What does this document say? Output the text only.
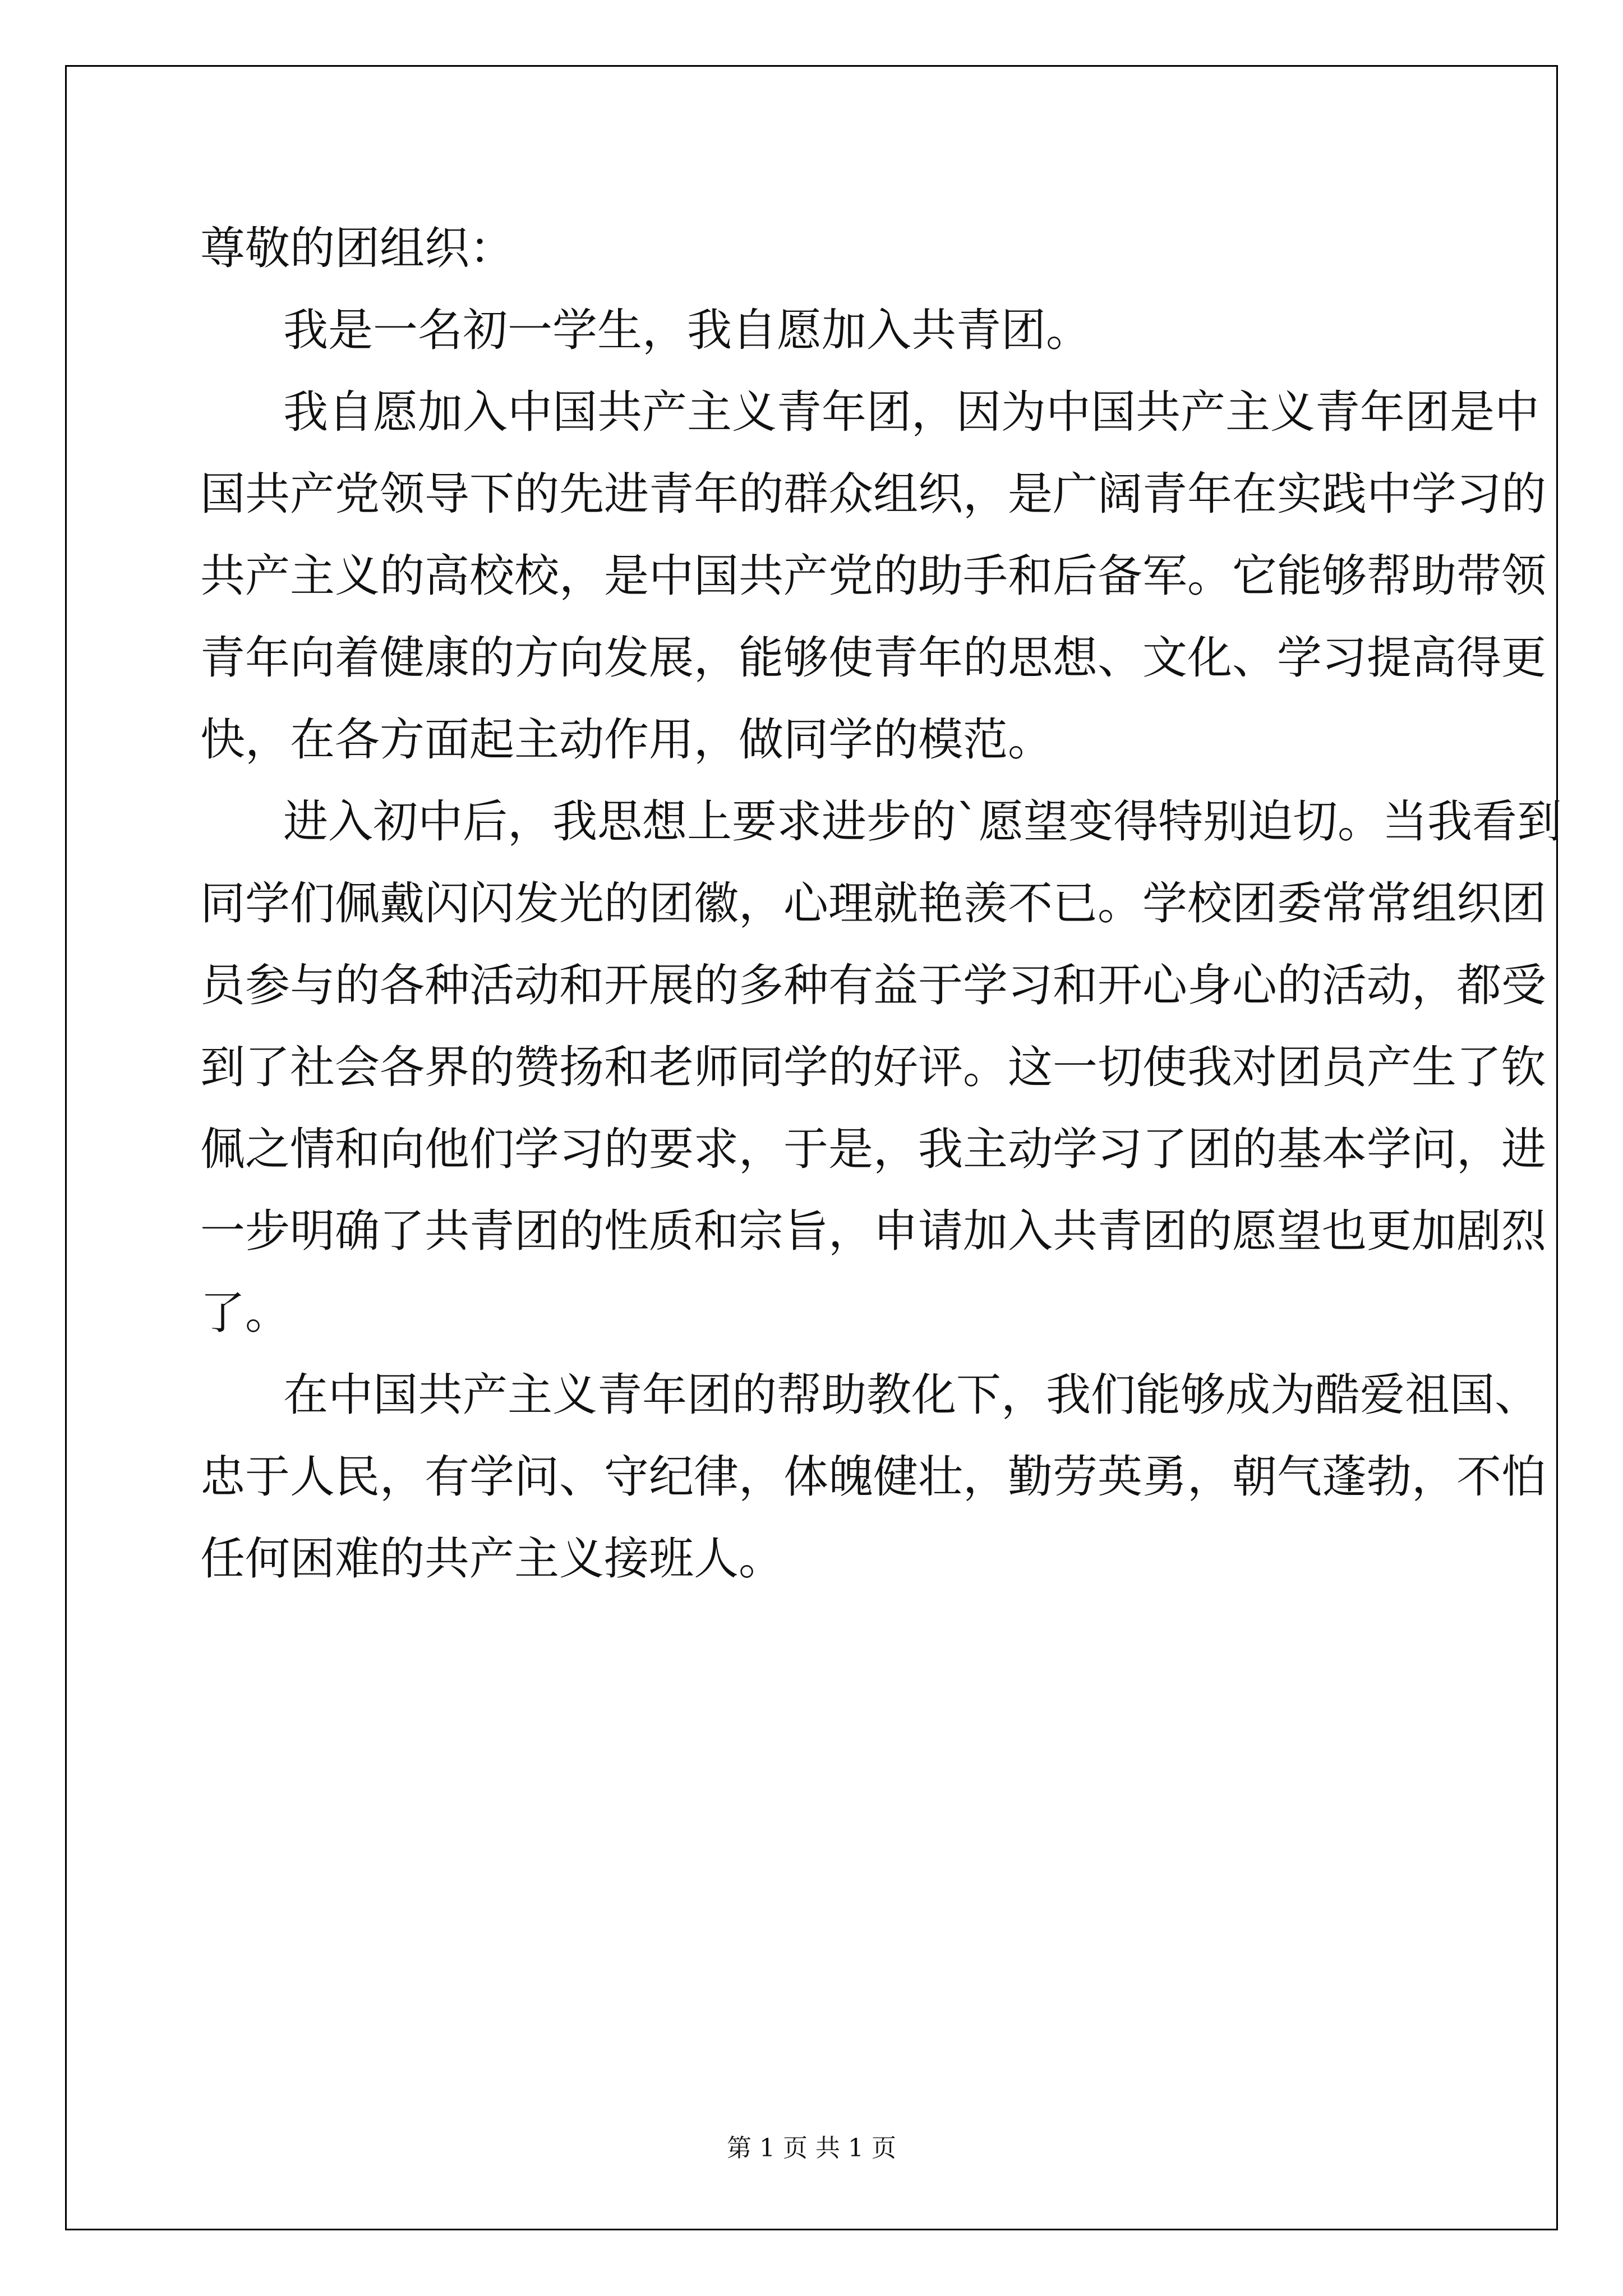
尊敬的团组织：
我是一名初一学生，我自愿加入共青团。
我自愿加入中国共产主义青年团，因为中国共产主义青年团是中
国共产党领导下的先进青年的群众组织，是广阔青年在实践中学习的
共产主义的高校校，是中国共产党的助手和后备军。它能够帮助带领
青年向着健康的方向发展，能够使青年的思想、文化、学习提高得更
快，在各方面起主动作用，做同学的模范。
进入初中后，我思想上要求进步的`愿望变得特别迫切。当我看到
同学们佩戴闪闪发光的团徽，心理就艳羡不已。学校团委常常组织团
员参与的各种活动和开展的多种有益于学习和开心身心的活动，都受
到了社会各界的赞扬和老师同学的好评。这一切使我对团员产生了钦
佩之情和向他们学习的要求，于是，我主动学习了团的基本学问，进
一步明确了共青团的性质和宗旨，申请加入共青团的愿望也更加剧烈
了。
在中国共产主义青年团的帮助教化下，我们能够成为酷爱祖国、
忠于人民，有学问、守纪律，体魄健壮，勤劳英勇，朝气蓬勃，不怕
任何困难的共产主义接班人。
第 1 页 共 1 页
